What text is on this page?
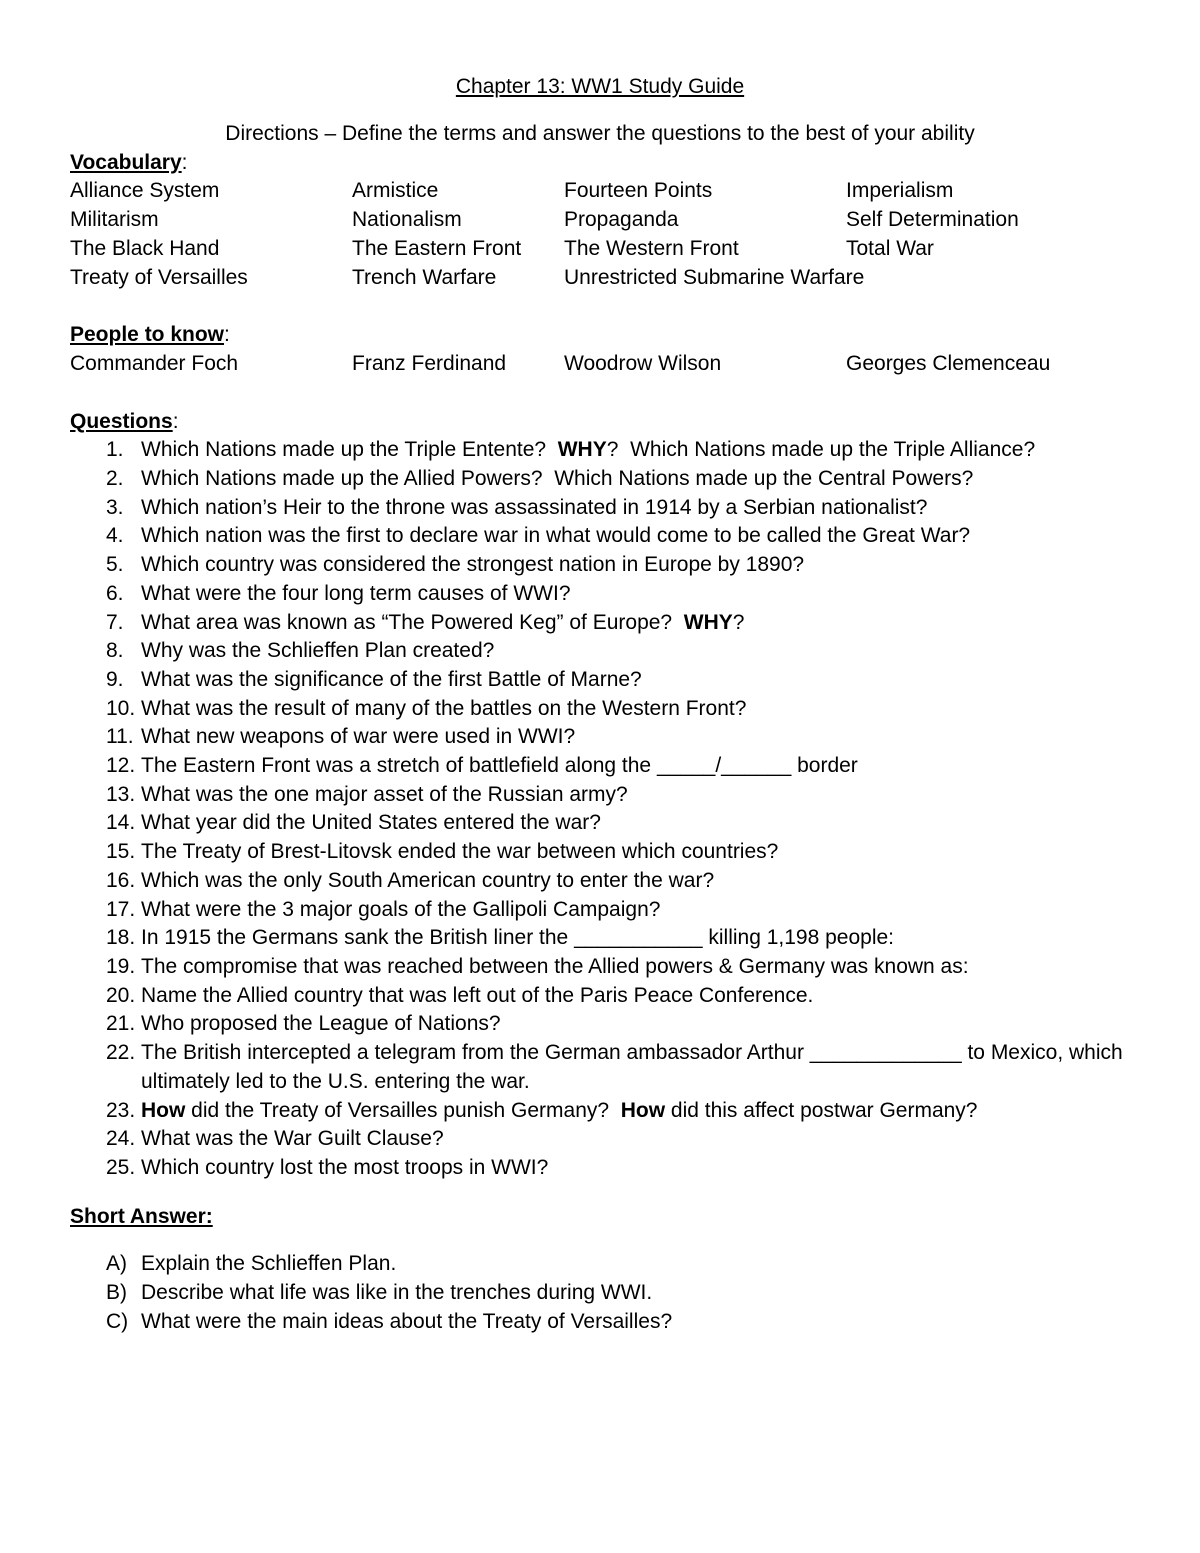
Chapter 13: WW1 Study Guide
Directions – Define the terms and answer the questions to the best of your ability
Vocabulary:
Alliance System	Armistice	Fourteen Points	Imperialism
Militarism	Nationalism	Propaganda	Self Determination
The Black Hand	The Eastern Front	The Western Front	Total War
Treaty of Versailles	Trench Warfare	Unrestricted Submarine Warfare
People to know:
Commander Foch	Franz Ferdinand	Woodrow Wilson	Georges Clemenceau
Questions:
1. Which Nations made up the Triple Entente?  WHY?  Which Nations made up the Triple Alliance?
2. Which Nations made up the Allied Powers?  Which Nations made up the Central Powers?
3. Which nation’s Heir to the throne was assassinated in 1914 by a Serbian nationalist?
4. Which nation was the first to declare war in what would come to be called the Great War?
5. Which country was considered the strongest nation in Europe by 1890?
6. What were the four long term causes of WWI?
7. What area was known as “The Powered Keg” of Europe?  WHY?
8. Why was the Schlieffen Plan created?
9. What was the significance of the first Battle of Marne?
10. What was the result of many of the battles on the Western Front?
11. What new weapons of war were used in WWI?
12. The Eastern Front was a stretch of battlefield along the _____/______ border
13. What was the one major asset of the Russian army?
14. What year did the United States entered the war?
15. The Treaty of Brest-Litovsk ended the war between which countries?
16. Which was the only South American country to enter the war?
17. What were the 3 major goals of the Gallipoli Campaign?
18. In 1915 the Germans sank the British liner the ___________ killing 1,198 people:
19. The compromise that was reached between the Allied powers & Germany was known as:
20. Name the Allied country that was left out of the Paris Peace Conference.
21. Who proposed the League of Nations?
22. The British intercepted a telegram from the German ambassador Arthur _____________ to Mexico, which ultimately led to the U.S. entering the war.
23. How did the Treaty of Versailles punish Germany?  How did this affect postwar Germany?
24. What was the War Guilt Clause?
25. Which country lost the most troops in WWI?
Short Answer:
A) Explain the Schlieffen Plan.
B) Describe what life was like in the trenches during WWI.
C) What were the main ideas about the Treaty of Versailles?
